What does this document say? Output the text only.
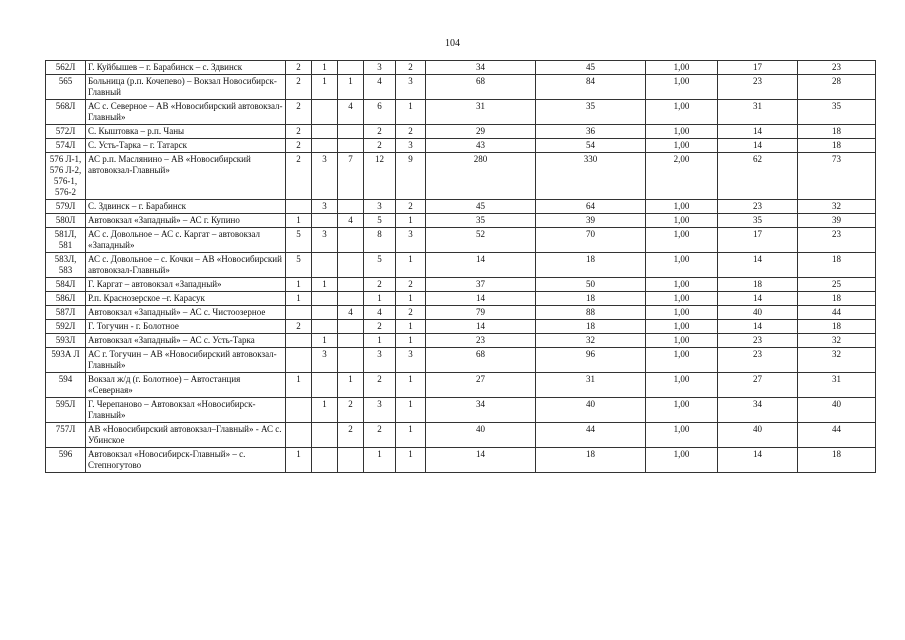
104
562Л	Г. Куйбышев – г. Барабинск – с. Здвинск	2	1		3	2	34	45	1,00	17	23
565	Больница (р.п. Кочепево) – Вокзал Новосибирск-Главный	2	1	1	4	3	68	84	1,00	23	28
568Л	АС с. Северное – АВ «Новосибирский автовокзал-Главный»	2		4	6	1	31	35	1,00	31	35
572Л	С. Кыштовка – р.п. Чаны	2			2	2	29	36	1,00	14	18
574Л	С. Усть-Тарка – г. Татарск	2			2	3	43	54	1,00	14	18
576 Л-1, 576 Л-2, 576-1, 576-2	АС р.п. Маслянино – АВ «Новосибирский автовокзал-Главный»	2	3	7	12	9	280	330	2,00	62	73
579Л	С. Здвинск – г. Барабинск		3		3	2	45	64	1,00	23	32
580Л	Автовокзал «Западный» – АС г. Купино	1		4	5	1	35	39	1,00	35	39
581Л, 581	АС с. Довольное – АС с. Каргат – автовокзал «Западный»	5	3		8	3	52	70	1,00	17	23
583Л, 583	АС с. Довольное – с. Кочки – АВ «Новосибирский автовокзал-Главный»	5			5	1	14	18	1,00	14	18
584Л	Г. Каргат – автовокзал «Западный»	1	1		2	2	37	50	1,00	18	25
586Л	Р.п. Краснозерское –г. Карасук	1			1	1	14	18	1,00	14	18
587Л	Автовокзал «Западный» – АС с. Чистоозерное			4	4	2	79	88	1,00	40	44
592Л	Г. Тогучин - г. Болотное	2			2	1	14	18	1,00	14	18
593Л	Автовокзал «Западный» – АС с. Усть-Тарка		1		1	1	23	32	1,00	23	32
593А Л	АС г. Тогучин – АВ «Новосибирский автовокзал-Главный»		3		3	3	68	96	1,00	23	32
594	Вокзал ж/д (г. Болотное) – Автостанция «Северная»	1		1	2	1	27	31	1,00	27	31
595Л	Г. Черепаново – Автовокзал «Новосибирск-Главный»		1	2	3	1	34	40	1,00	34	40
757Л	АВ «Новосибирский автовокзал–Главный» - АС с. Убинское			2	2	1	40	44	1,00	40	44
596	Автовокзал «Новосибирск-Главный» – с. Степногутово	1			1	1	14	18	1,00	14	18
